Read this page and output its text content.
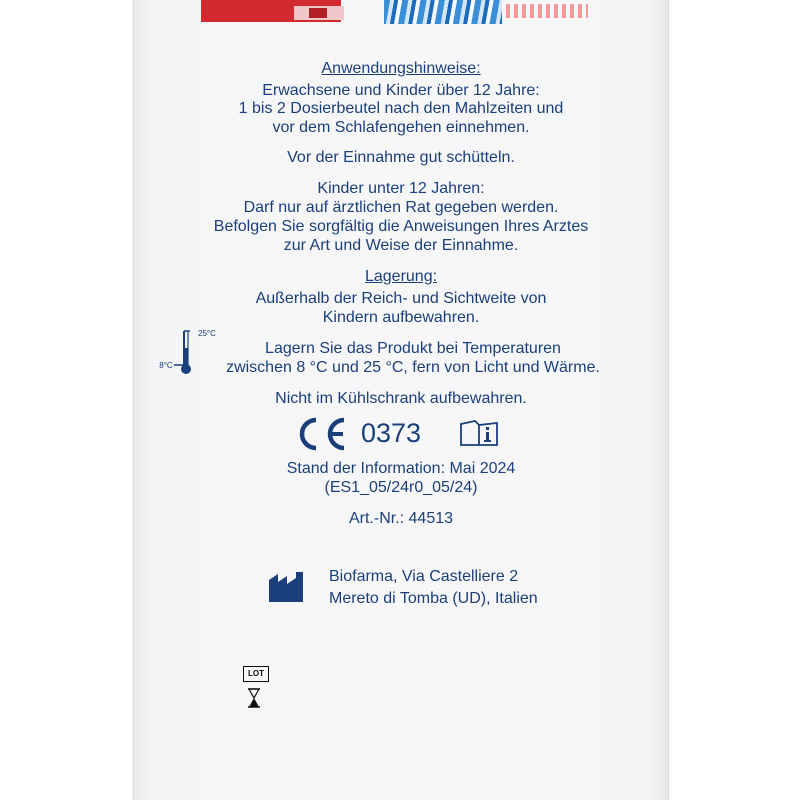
Anwendungshinweise:
Erwachsene und Kinder über 12 Jahre:
1 bis 2 Dosierbeutel nach den Mahlzeiten und
vor dem Schlafengehen einnehmen.
Vor der Einnahme gut schütteln.
Kinder unter 12 Jahren:
Darf nur auf ärztlichen Rat gegeben werden.
Befolgen Sie sorgfältig die Anweisungen Ihres Arztes
zur Art und Weise der Einnahme.
Lagerung:
Außerhalb der Reich- und Sichtweite von
Kindern aufbewahren.
Lagern Sie das Produkt bei Temperaturen
zwischen 8 °C und 25 °C, fern von Licht und Wärme.
Nicht im Kühlschrank aufbewahren.
Stand der Information: Mai 2024
(ES1_05/24r0_05/24)
Art.-Nr.: 44513
25°C
8°C
0373
Biofarma, Via Castelliere 2
Mereto di Tomba (UD), Italien
LOT
